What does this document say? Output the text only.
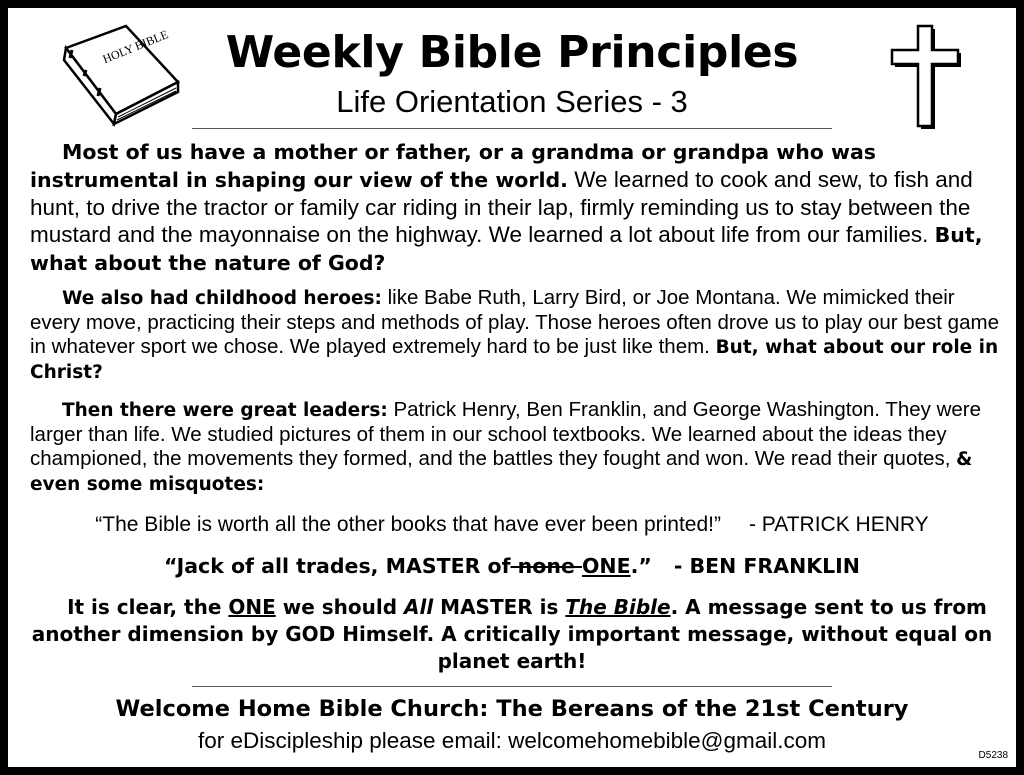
HOLY BIBLE	Weekly Bible Principles
Life Orientation Series - 3

Most of us have a mother or father, or a grandma or grandpa who was instrumental in shaping our view of the world. We learned to cook and sew, to fish and hunt, to drive the tractor or family car riding in their lap, firmly reminding us to stay between the mustard and the mayonnaise on the highway. We learned a lot about life from our families. But, what about the nature of God?

We also had childhood heroes: like Babe Ruth, Larry Bird, or Joe Montana. We mimicked their every move, practicing their steps and methods of play. Those heroes often drove us to play our best game in whatever sport we chose. We played extremely hard to be just like them. But, what about our role in Christ?

Then there were great leaders: Patrick Henry, Ben Franklin, and George Washington. They were larger than life. We studied pictures of them in our school textbooks. We learned about the ideas they championed, the movements they formed, and the battles they fought and won. We read their quotes, & even some misquotes:

“The Bible is worth all the other books that have ever been printed!” - PATRICK HENRY
“Jack of all trades, MASTER of none ONE.” - BEN FRANKLIN

It is clear, the ONE we should All MASTER is The Bible. A message sent to us from another dimension by GOD Himself. A critically important message, without equal on planet earth!

Welcome Home Bible Church: The Bereans of the 21st Century
for eDiscipleship please email: welcomehomebible@gmail.com
D5238
